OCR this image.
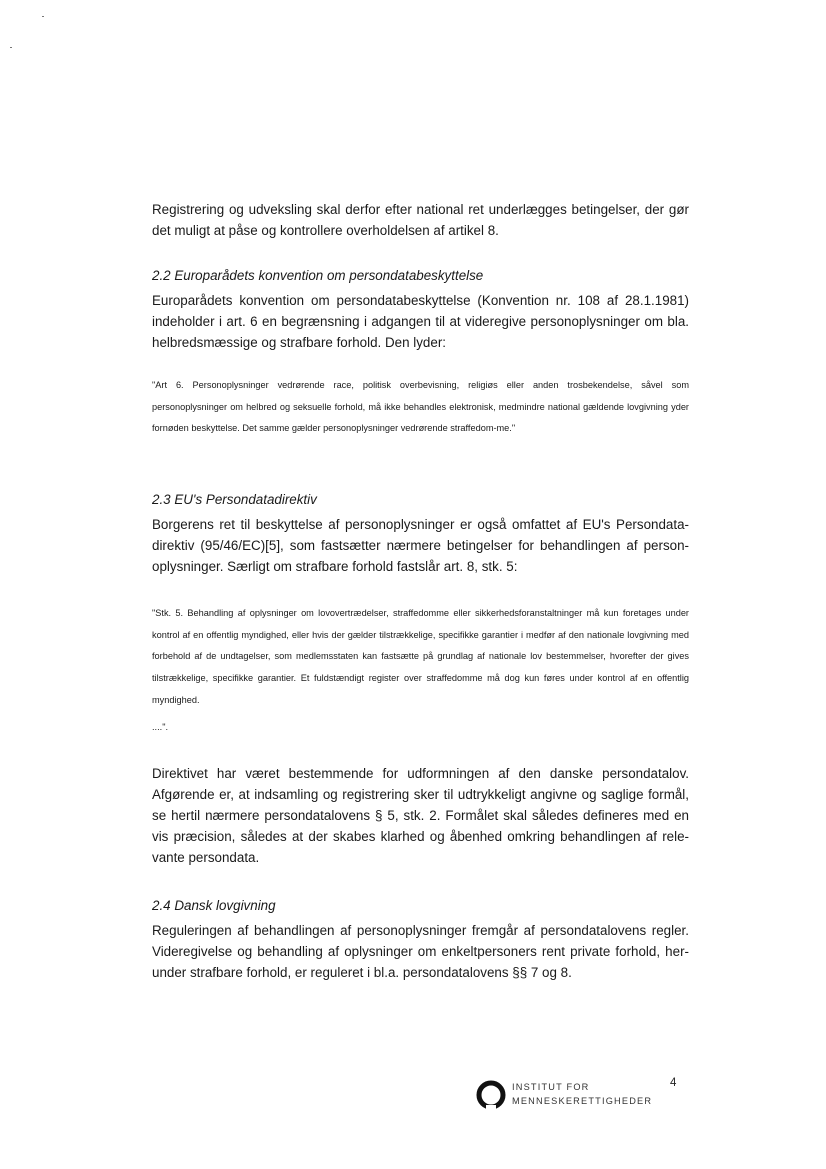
Registrering og udveksling skal derfor efter national ret underlægges betingelser, der gør det muligt at påse og kontrollere overholdelsen af artikel 8.
2.2 Europarådets konvention om persondatabeskyttelse
Europarådets konvention om persondatabeskyttelse (Konvention nr. 108 af 28.1.1981) indeholder i art. 6 en begrænsning i adgangen til at videregive personoplysninger om bla. helbredsmæssige og strafbare forhold. Den lyder:
"Art 6. Personoplysninger vedrørende race, politisk overbevisning, religiøs eller anden trosbekendelse, såvel som personoplysninger om helbred og seksuelle forhold, må ikke behandles elektronisk, medmindre national gældende lovgivning yder fornøden beskyttelse. Det samme gælder personoplysninger vedrørende straffedom-me."
2.3 EU's Persondatadirektiv
Borgerens ret til beskyttelse af personoplysninger er også omfattet af EU's Persondata-direktiv (95/46/EC)[5], som fastsætter nærmere betingelser for behandlingen af person-oplysninger. Særligt om strafbare forhold fastslår art. 8, stk. 5:
"Stk. 5. Behandling af oplysninger om lovovertrædelser, straffedomme eller sikkerhedsforanstaltninger må kun foretages under kontrol af en offentlig myndighed, eller hvis der gælder tilstrækkelige, specifikke garantier i medfør af den nationale lovgivning med forbehold af de undtagelser, som medlemsstaten kan fastsætte på grundlag af nationale lov bestemmelser, hvorefter der gives tilstrækkelige, specifikke garantier. Et fuldstændigt register over straffedomme må dog kun føres under kontrol af en offentlig myndighed.
....".
Direktivet har været bestemmende for udformningen af den danske persondatalov. Afgørende er, at indsamling og registrering sker til udtrykkeligt angivne og saglige formål, se hertil nærmere persondatalovens § 5, stk. 2. Formålet skal således defineres med en vis præcision, således at der skabes klarhed og åbenhed omkring behandlingen af rele-vante persondata.
2.4 Dansk lovgivning
Reguleringen af behandlingen af personoplysninger fremgår af persondatalovens regler. Videregivelse og behandling af oplysninger om enkeltpersoners rent private forhold, her-under strafbare forhold, er reguleret i bl.a. persondatalovens §§ 7 og 8.
INSTITUT FOR
MENNESKERETTIGHEDER
4
